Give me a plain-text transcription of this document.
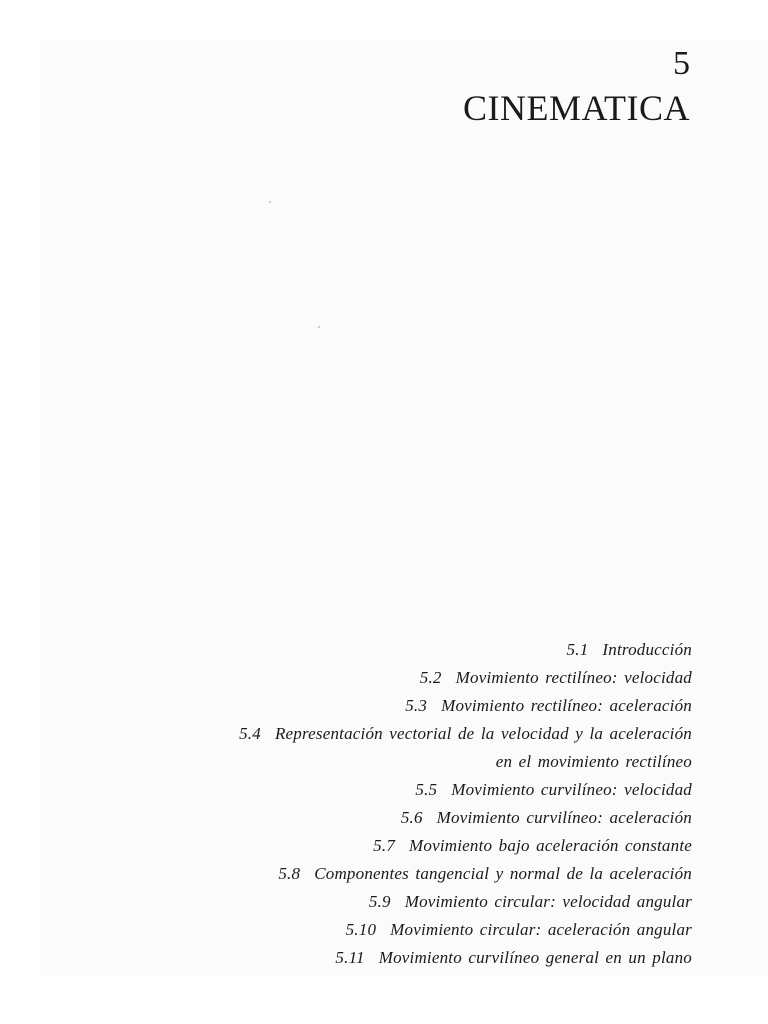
5
CINEMATICA
5.1 Introducción
5.2 Movimiento rectilíneo: velocidad
5.3 Movimiento rectilíneo: aceleración
5.4 Representación vectorial de la velocidad y la aceleración
en el movimiento rectilíneo
5.5 Movimiento curvilíneo: velocidad
5.6 Movimiento curvilíneo: aceleración
5.7 Movimiento bajo aceleración constante
5.8 Componentes tangencial y normal de la aceleración
5.9 Movimiento circular: velocidad angular
5.10 Movimiento circular: aceleración angular
5.11 Movimiento curvilíneo general en un plano
